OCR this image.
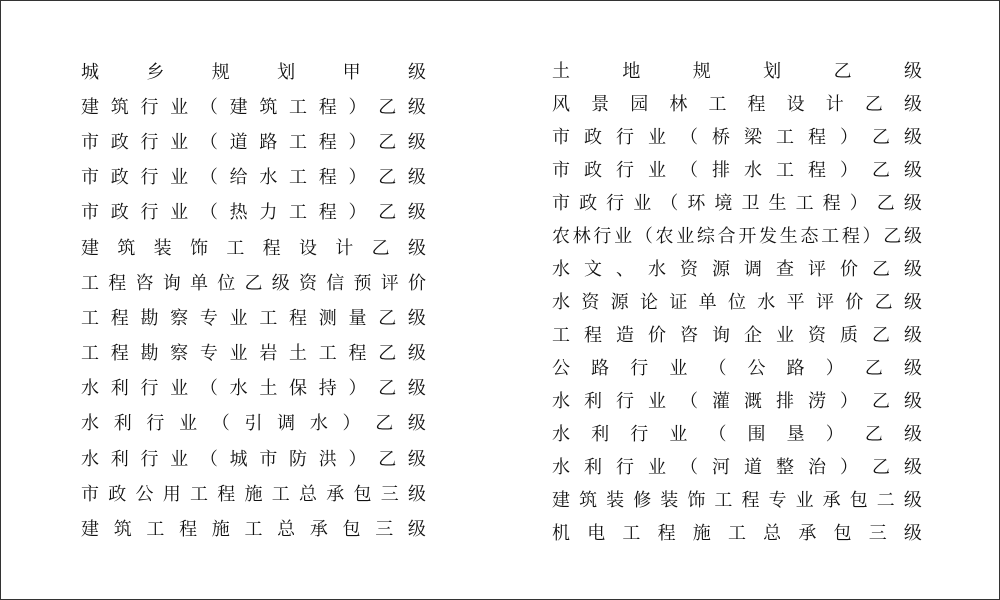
城	乡	规	划	甲	级
建 筑 行 业 （ 建 筑 工 程 ） 乙 级
市 政 行 业 （ 道 路 工 程 ） 乙 级
市 政 行 业 （ 给 水 工 程 ） 乙 级
市 政 行 业 （ 热 力 工 程 ） 乙 级
建 筑 装 饰 工 程 设 计 乙 级
工 程 咨 询 单 位 乙 级 资 信 预 评 价
工 程 勘 察 专 业 工 程 测 量 乙 级
工 程 勘 察 专 业 岩 土 工 程 乙 级
水 利 行 业 （ 水 土 保 持 ） 乙 级
水 利 行 业 （ 引 调 水 ） 乙 级
水 利 行 业 （ 城 市 防 洪 ） 乙 级
市 政 公 用 工 程 施 工 总 承 包 三 级
建 筑 工 程 施 工 总 承 包 三 级
土	地	规	划	乙	级
风 景 园 林 工 程 设 计 乙 级
市 政 行 业 （ 桥 梁 工 程 ） 乙 级
市 政 行 业 （ 排 水 工 程 ） 乙 级
市 政 行 业 （ 环 境 卫 生 工 程 ） 乙 级
农 林 行 业 （ 农 业 综 合 开 发 生 态 工 程 ） 乙 级
水 文 、 水 资 源 调 查 评 价 乙 级
水 资 源 论 证 单 位 水 平 评 价 乙 级
工 程 造 价 咨 询 企 业 资 质 乙 级
公 路 行 业 （ 公 路 ） 乙 级
水 利 行 业 （ 灌 溉 排 涝 ） 乙 级
水 利 行 业 （ 围 垦 ） 乙 级
水 利 行 业 （ 河 道 整 治 ） 乙 级
建 筑 装 修 装 饰 工 程 专 业 承 包 二 级
机 电 工 程 施 工 总 承 包 三 级
